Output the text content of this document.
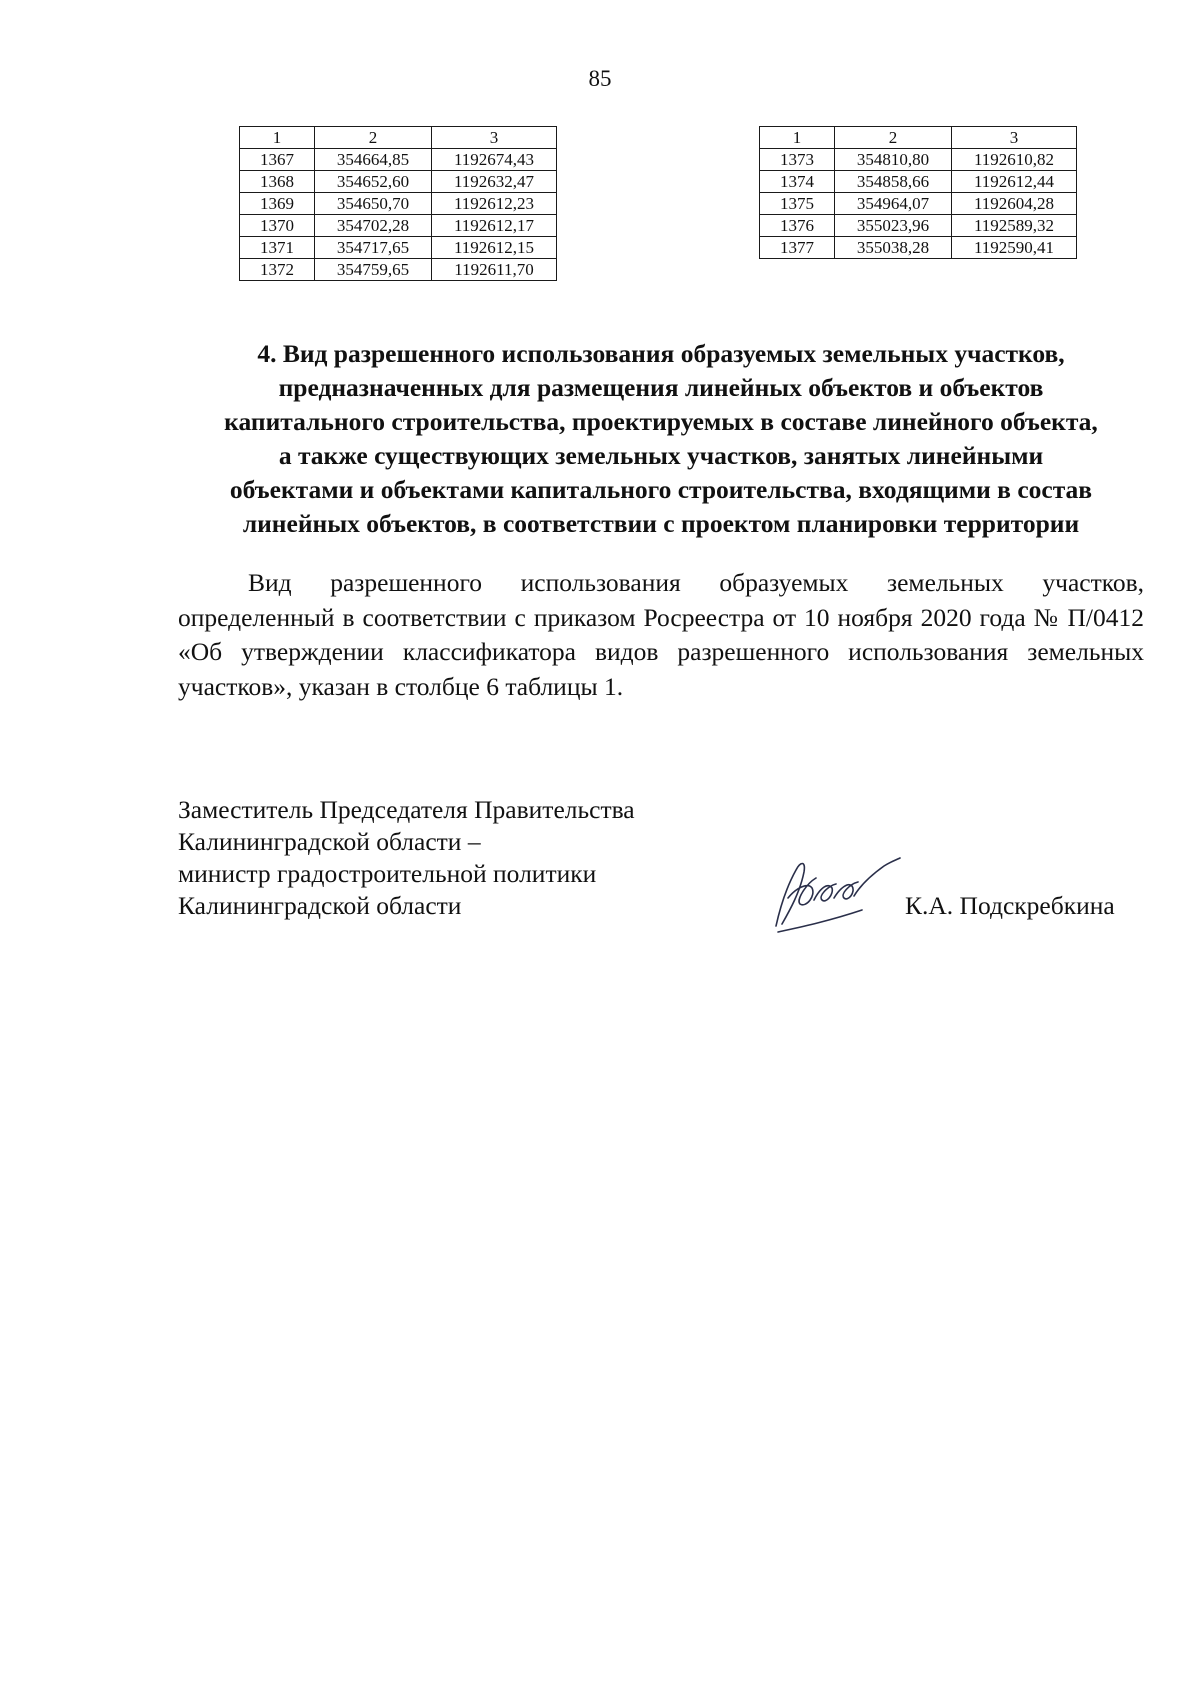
85
1	2	3
1367	354664,85	1192674,43
1368	354652,60	1192632,47
1369	354650,70	1192612,23
1370	354702,28	1192612,17
1371	354717,65	1192612,15
1372	354759,65	1192611,70
1	2	3
1373	354810,80	1192610,82
1374	354858,66	1192612,44
1375	354964,07	1192604,28
1376	355023,96	1192589,32
1377	355038,28	1192590,41
4. Вид разрешенного использования образуемых земельных участков,
предназначенных для размещения линейных объектов и объектов
капитального строительства, проектируемых в составе линейного объекта,
а также существующих земельных участков, занятых линейными
объектами и объектами капитального строительства, входящими в состав
линейных объектов, в соответствии с проектом планировки территории
Вид разрешенного использования образуемых земельных участков, определенный в соответствии с приказом Росреестра от 10 ноября 2020 года № П/0412 «Об утверждении классификатора видов разрешенного использования земельных участков», указан в столбце 6 таблицы 1.
Заместитель Председателя Правительства
Калининградской области –
министр градостроительной политики
Калининградской области	К.А. Подскребкина
